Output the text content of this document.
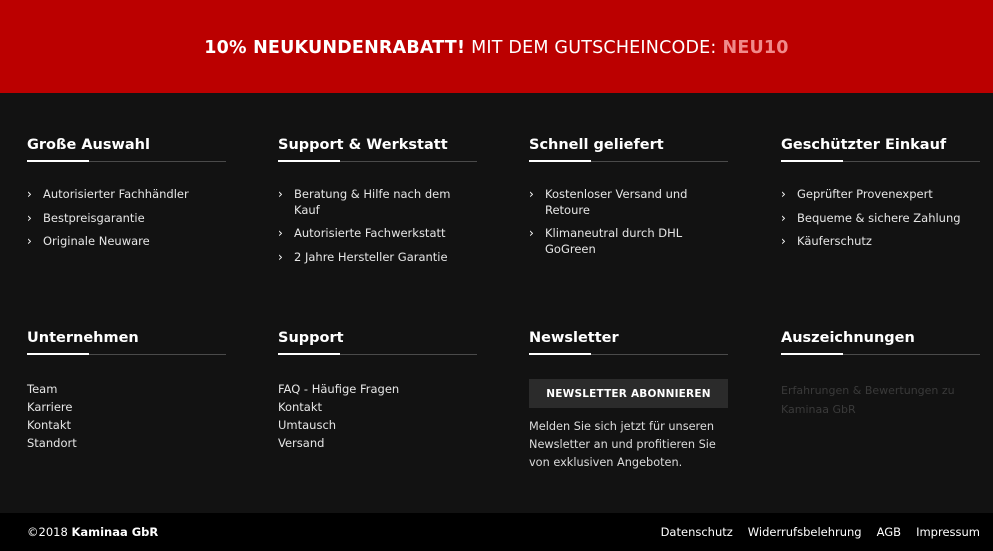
10% NEUKUNDENRABATT! MIT DEM GUTSCHEINCODE: NEU10
Große Auswahl
› Autorisierter Fachhändler
› Bestpreisgarantie
› Originale Neuware
Support & Werkstatt
› Beratung & Hilfe nach dem Kauf
› Autorisierte Fachwerkstatt
› 2 Jahre Hersteller Garantie
Schnell geliefert
› Kostenloser Versand und Retoure
› Klimaneutral durch DHL GoGreen
Geschützter Einkauf
› Geprüfter Provenexpert
› Bequeme & sichere Zahlung
› Käuferschutz
Unternehmen
Team
Karriere
Kontakt
Standort
Support
FAQ - Häufige Fragen
Kontakt
Umtausch
Versand
Newsletter
NEWSLETTER ABONNIEREN
Melden Sie sich jetzt für unseren Newsletter an und profitieren Sie von exklusiven Angeboten.
Auszeichnungen
Erfahrungen & Bewertungen zu Kaminaa GbR
©2018 Kaminaa GbR	Datenschutz Widerrufsbelehrung AGB Impressum
